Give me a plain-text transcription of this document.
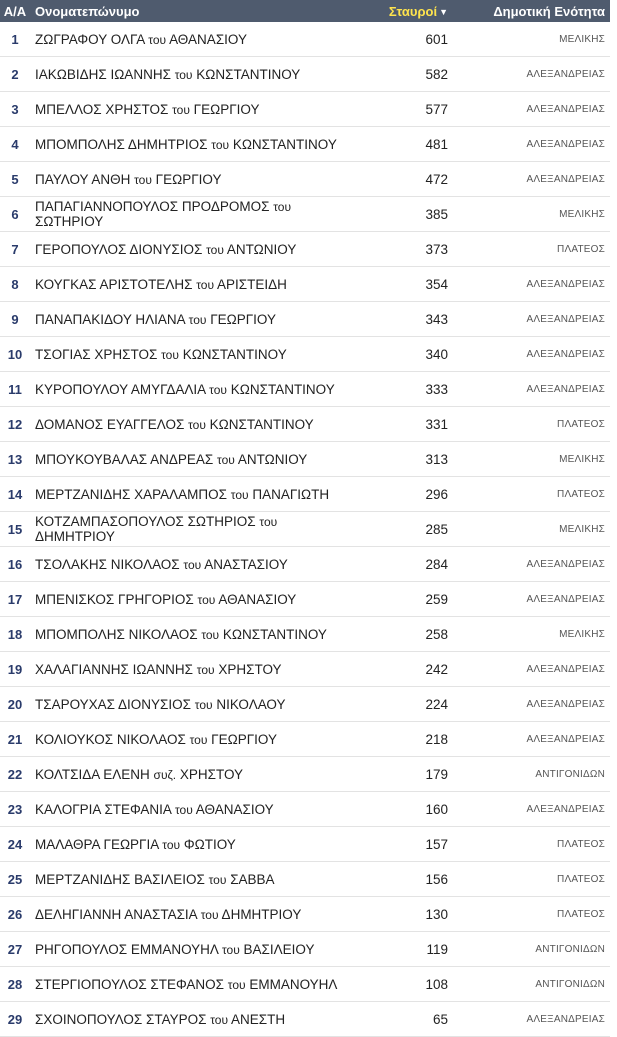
Α/Α Ονοματεπώνυμο	Σταυροί ▼	Δημοτική Ενότητα
1	ΖΩΓΡΑΦΟΥ ΟΛΓΑ του ΑΘΑΝΑΣΙΟΥ	601	ΜΕΛΙΚΗΣ
2	ΙΑΚΩΒΙΔΗΣ ΙΩΑΝΝΗΣ του ΚΩΝΣΤΑΝΤΙΝΟΥ	582	ΑΛΕΞΑΝΔΡΕΙΑΣ
3	ΜΠΕΛΛΟΣ ΧΡΗΣΤΟΣ του ΓΕΩΡΓΙΟΥ	577	ΑΛΕΞΑΝΔΡΕΙΑΣ
4	ΜΠΟΜΠΟΛΗΣ ΔΗΜΗΤΡΙΟΣ του ΚΩΝΣΤΑΝΤΙΝΟΥ	481	ΑΛΕΞΑΝΔΡΕΙΑΣ
5	ΠΑΥΛΟΥ ΑΝΘΗ του ΓΕΩΡΓΙΟΥ	472	ΑΛΕΞΑΝΔΡΕΙΑΣ
6	ΠΑΠΑΓΙΑΝΝΟΠΟΥΛΟΣ ΠΡΟΔΡΟΜΟΣ του ΣΩΤΗΡΙΟΥ	385	ΜΕΛΙΚΗΣ
7	ΓΕΡΟΠΟΥΛΟΣ ΔΙΟΝΥΣΙΟΣ του ΑΝΤΩΝΙΟΥ	373	ΠΛΑΤΕΟΣ
8	ΚΟΥΓΚΑΣ ΑΡΙΣΤΟΤΕΛΗΣ του ΑΡΙΣΤΕΙΔΗ	354	ΑΛΕΞΑΝΔΡΕΙΑΣ
9	ΠΑΝΑΠΑΚΙΔΟΥ ΗΛΙΑΝΑ του ΓΕΩΡΓΙΟΥ	343	ΑΛΕΞΑΝΔΡΕΙΑΣ
10 ΤΣΟΓΙΑΣ ΧΡΗΣΤΟΣ του ΚΩΝΣΤΑΝΤΙΝΟΥ	340	ΑΛΕΞΑΝΔΡΕΙΑΣ
11 ΚΥΡΟΠΟΥΛΟΥ ΑΜΥΓΔΑΛΙΑ του ΚΩΝΣΤΑΝΤΙΝΟΥ	333	ΑΛΕΞΑΝΔΡΕΙΑΣ
12 ΔΟΜΑΝΟΣ ΕΥΑΓΓΕΛΟΣ του ΚΩΝΣΤΑΝΤΙΝΟΥ	331	ΠΛΑΤΕΟΣ
13 ΜΠΟΥΚΟΥΒΑΛΑΣ ΑΝΔΡΕΑΣ του ΑΝΤΩΝΙΟΥ	313	ΜΕΛΙΚΗΣ
14 ΜΕΡΤΖΑΝΙΔΗΣ ΧΑΡΑΛΑΜΠΟΣ του ΠΑΝΑΓΙΩΤΗ	296	ΠΛΑΤΕΟΣ
15 ΚΟΤΖΑΜΠΑΣΟΠΟΥΛΟΣ ΣΩΤΗΡΙΟΣ του ΔΗΜΗΤΡΙΟΥ	285	ΜΕΛΙΚΗΣ
16 ΤΣΟΛΑΚΗΣ ΝΙΚΟΛΑΟΣ του ΑΝΑΣΤΑΣΙΟΥ	284	ΑΛΕΞΑΝΔΡΕΙΑΣ
17 ΜΠΕΝΙΣΚΟΣ ΓΡΗΓΟΡΙΟΣ του ΑΘΑΝΑΣΙΟΥ	259	ΑΛΕΞΑΝΔΡΕΙΑΣ
18 ΜΠΟΜΠΟΛΗΣ ΝΙΚΟΛΑΟΣ του ΚΩΝΣΤΑΝΤΙΝΟΥ	258	ΜΕΛΙΚΗΣ
19 ΧΑΛΑΓΙΑΝΝΗΣ ΙΩΑΝΝΗΣ του ΧΡΗΣΤΟΥ	242	ΑΛΕΞΑΝΔΡΕΙΑΣ
20 ΤΣΑΡΟΥΧΑΣ ΔΙΟΝΥΣΙΟΣ του ΝΙΚΟΛΑΟΥ	224	ΑΛΕΞΑΝΔΡΕΙΑΣ
21 ΚΟΛΙΟΥΚΟΣ ΝΙΚΟΛΑΟΣ του ΓΕΩΡΓΙΟΥ	218	ΑΛΕΞΑΝΔΡΕΙΑΣ
22 ΚΟΛΤΣΙΔΑ ΕΛΕΝΗ συζ. ΧΡΗΣΤΟΥ	179	ΑΝΤΙΓΟΝΙΔΩΝ
23 ΚΑΛΟΓΡΙΑ ΣΤΕΦΑΝΙΑ του ΑΘΑΝΑΣΙΟΥ	160	ΑΛΕΞΑΝΔΡΕΙΑΣ
24 ΜΑΛΑΘΡΑ ΓΕΩΡΓΙΑ του ΦΩΤΙΟΥ	157	ΠΛΑΤΕΟΣ
25 ΜΕΡΤΖΑΝΙΔΗΣ ΒΑΣΙΛΕΙΟΣ του ΣΑΒΒΑ	156	ΠΛΑΤΕΟΣ
26 ΔΕΛΗΓΙΑΝΝΗ ΑΝΑΣΤΑΣΙΑ του ΔΗΜΗΤΡΙΟΥ	130	ΠΛΑΤΕΟΣ
27 ΡΗΓΟΠΟΥΛΟΣ ΕΜΜΑΝΟΥΗΛ του ΒΑΣΙΛΕΙΟΥ	119	ΑΝΤΙΓΟΝΙΔΩΝ
28 ΣΤΕΡΓΙΟΠΟΥΛΟΣ ΣΤΕΦΑΝΟΣ του ΕΜΜΑΝΟΥΗΛ	108	ΑΝΤΙΓΟΝΙΔΩΝ
29 ΣΧΟΙΝΟΠΟΥΛΟΣ ΣΤΑΥΡΟΣ του ΑΝΕΣΤΗ	65	ΑΛΕΞΑΝΔΡΕΙΑΣ
